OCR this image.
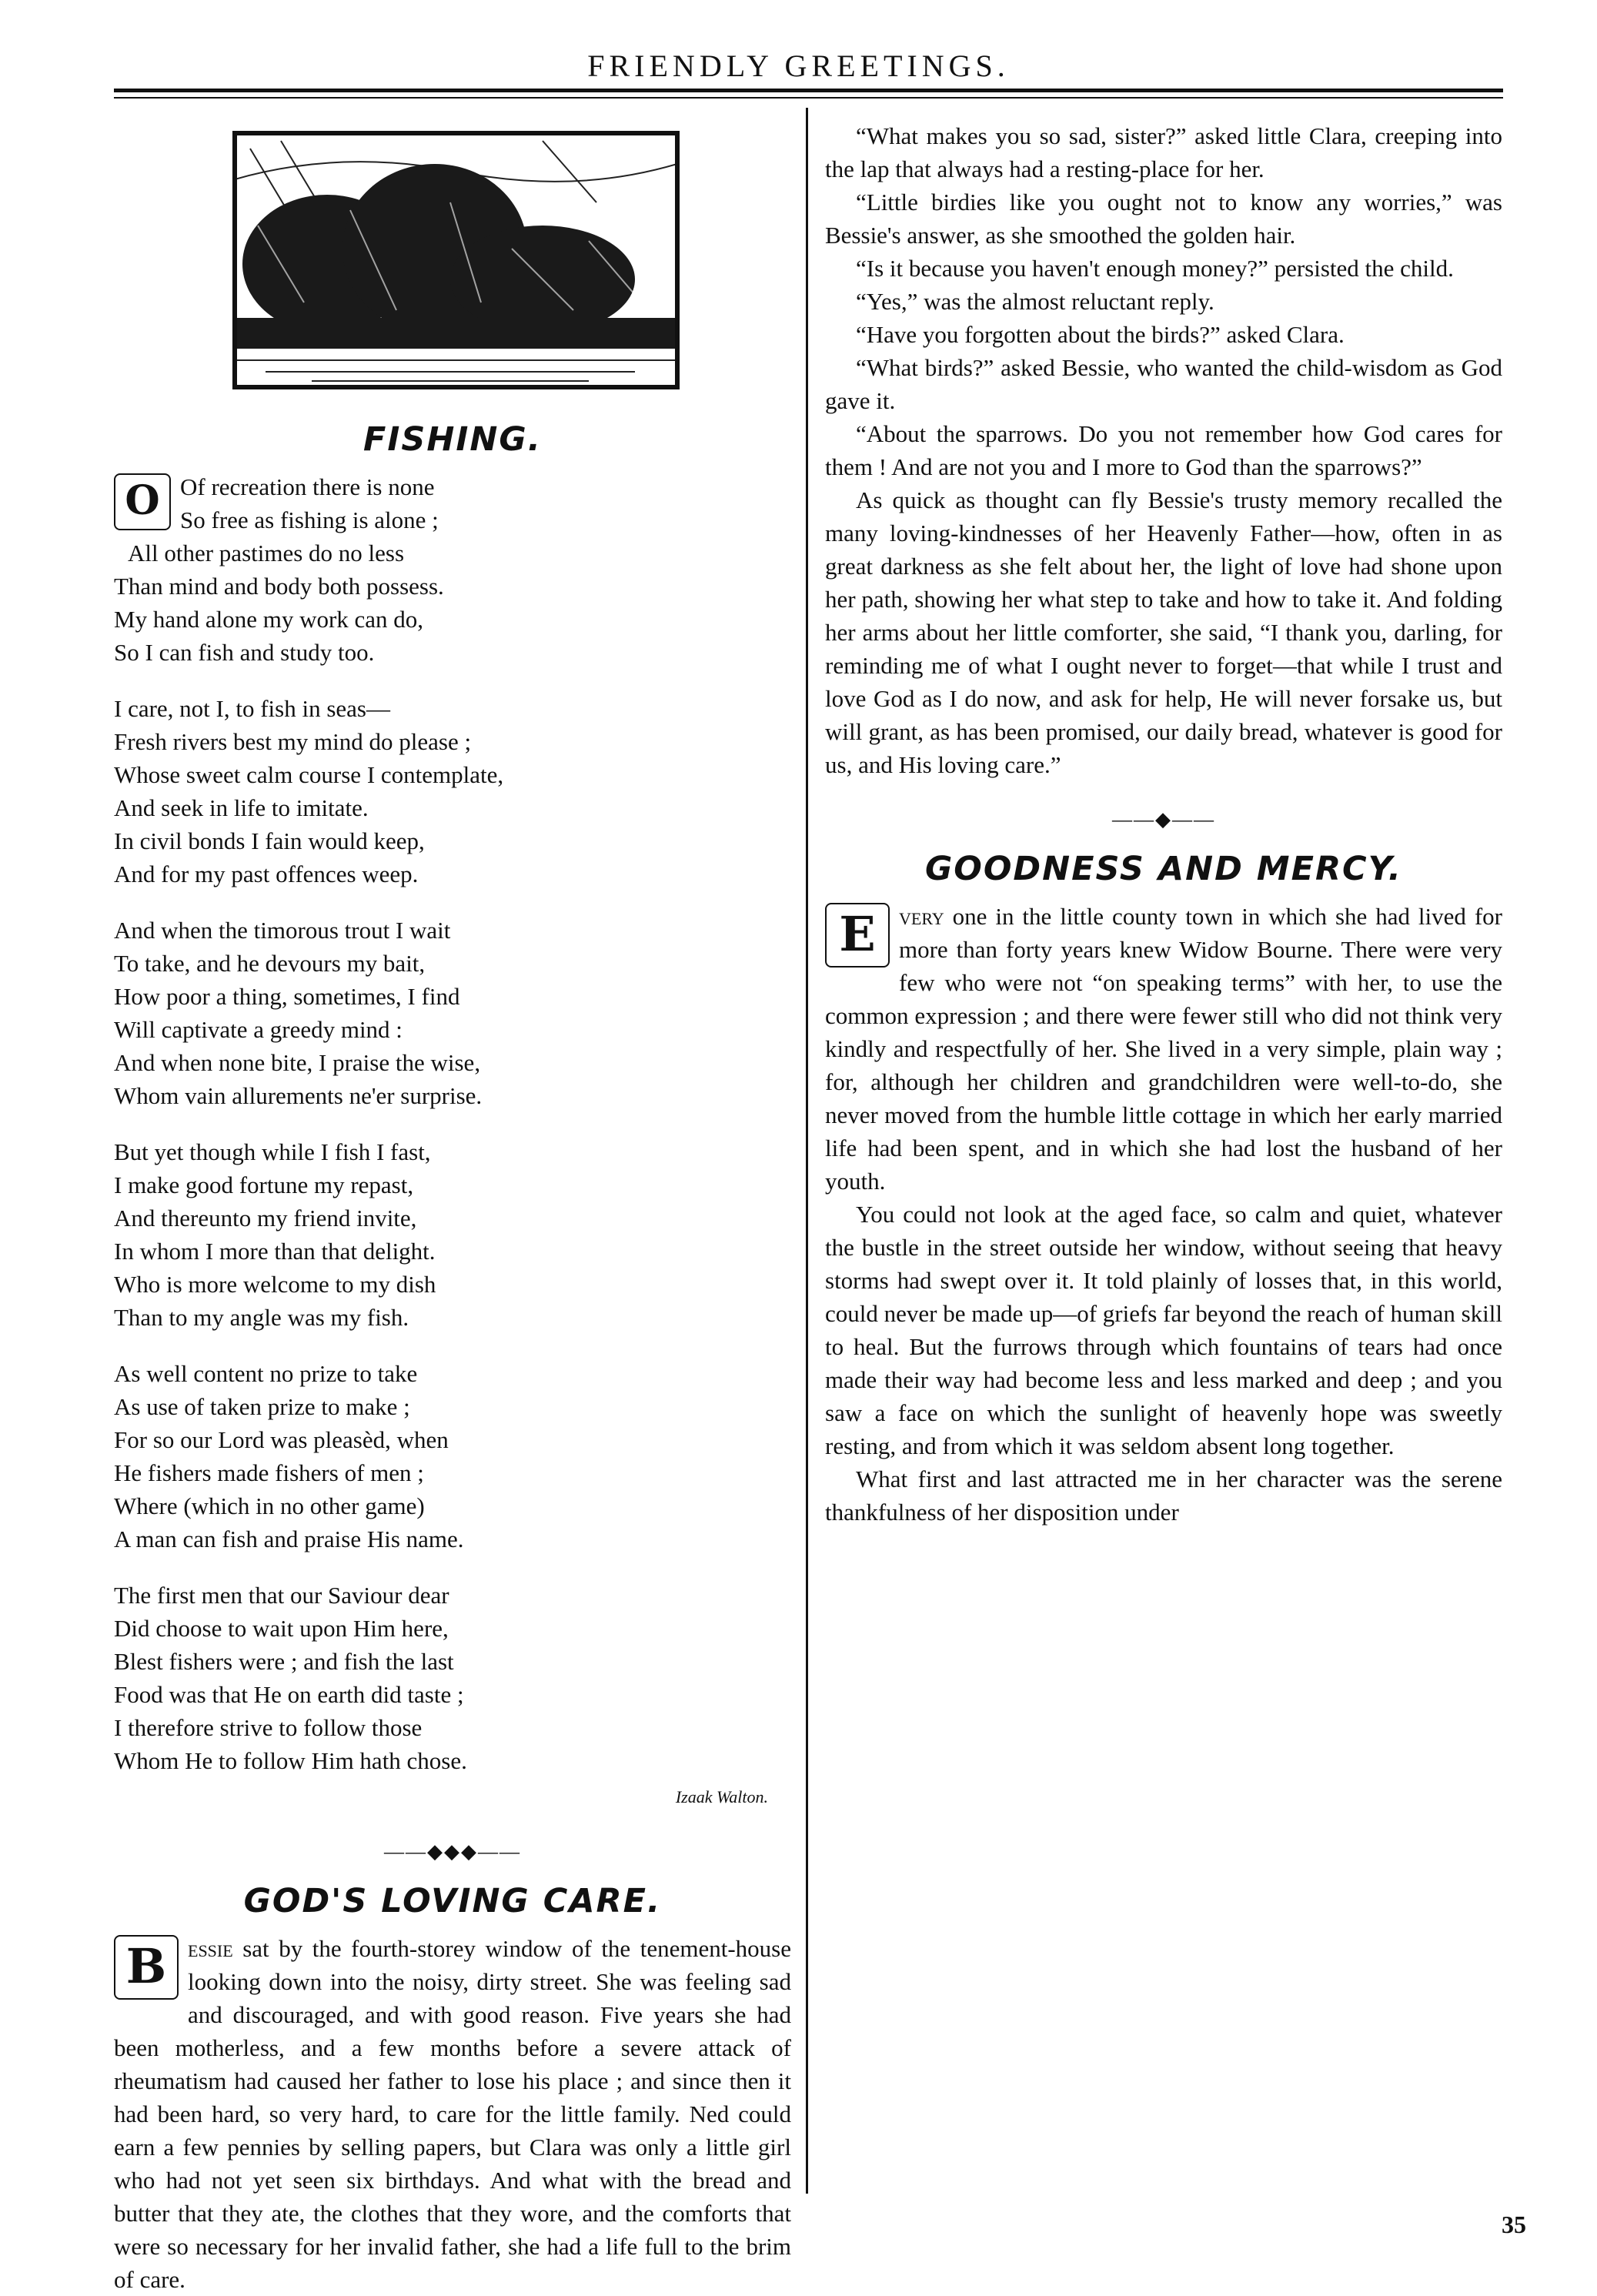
FRIENDLY GREETINGS.
FISHING.
O Of recreation there is none
So free as fishing is alone ;
All other pastimes do no less
Than mind and body both possess.
My hand alone my work can do,
So I can fish and study too.
I care, not I, to fish in seas—
Fresh rivers best my mind do please ;
Whose sweet calm course I contemplate,
And seek in life to imitate.
In civil bonds I fain would keep,
And for my past offences weep.
And when the timorous trout I wait
To take, and he devours my bait,
How poor a thing, sometimes, I find
Will captivate a greedy mind :
And when none bite, I praise the wise,
Whom vain allurements ne'er surprise.
But yet though while I fish I fast,
I make good fortune my repast,
And thereunto my friend invite,
In whom I more than that delight.
Who is more welcome to my dish
Than to my angle was my fish.
As well content no prize to take
As use of taken prize to make ;
For so our Lord was pleasèd, when
He fishers made fishers of men ;
Where (which in no other game)
A man can fish and praise His name.
The first men that our Saviour dear
Did choose to wait upon Him here,
Blest fishers were ; and fish the last
Food was that He on earth did taste ;
I therefore strive to follow those
Whom He to follow Him hath chose.
Izaak Walton.
——◆◆◆——
GOD'S LOVING CARE.

B essie sat by the fourth-storey window of the tenement-house looking down into the noisy, dirty street. She was feeling sad and discouraged, and with good reason. Five years she had been motherless, and a few months before a severe attack of rheumatism had caused her father to lose his place ; and since then it had been hard, so very hard, to care for the little family. Ned could earn a few pennies by selling papers, but Clara was only a little girl who had not yet seen six birthdays. And what with the bread and butter that they ate, the clothes that they wore, and the comforts that were so necessary for her invalid father, she had a life full to the brim of care.

“What makes you so sad, sister?” asked little Clara, creeping into the lap that always had a resting-place for her.

“Little birdies like you ought not to know any worries,” was Bessie's answer, as she smoothed the golden hair.

“Is it because you haven't enough money?” persisted the child.

“Yes,” was the almost reluctant reply.

“Have you forgotten about the birds?” asked Clara.

“What birds?” asked Bessie, who wanted the child-wisdom as God gave it.

“About the sparrows. Do you not remember how God cares for them ! And are not you and I more to God than the sparrows?”

As quick as thought can fly Bessie's trusty memory recalled the many loving-kindnesses of her Heavenly Father—how, often in as great darkness as she felt about her, the light of love had shone upon her path, showing her what step to take and how to take it. And folding her arms about her little comforter, she said, “I thank you, darling, for reminding me of what I ought never to forget—that while I trust and love God as I do now, and ask for help, He will never forsake us, but will grant, as has been promised, our daily bread, whatever is good for us, and His loving care.”

——◆——
GOODNESS AND MERCY.

E very one in the little county town in which she had lived for more than forty years knew Widow Bourne. There were very few who were not “on speaking terms” with her, to use the common expression ; and there were fewer still who did not think very kindly and respectfully of her. She lived in a very simple, plain way ; for, although her children and grandchildren were well-to-do, she never moved from the humble little cottage in which her early married life had been spent, and in which she had lost the husband of her youth.

You could not look at the aged face, so calm and quiet, whatever the bustle in the street outside her window, without seeing that heavy storms had swept over it. It told plainly of losses that, in this world, could never be made up—of griefs far beyond the reach of human skill to heal. But the furrows through which fountains of tears had once made their way had become less and less marked and deep ; and you saw a face on which the sunlight of heavenly hope was sweetly resting, and from which it was seldom absent long together.

What first and last attracted me in her character was the serene thankfulness of her disposition under

35
